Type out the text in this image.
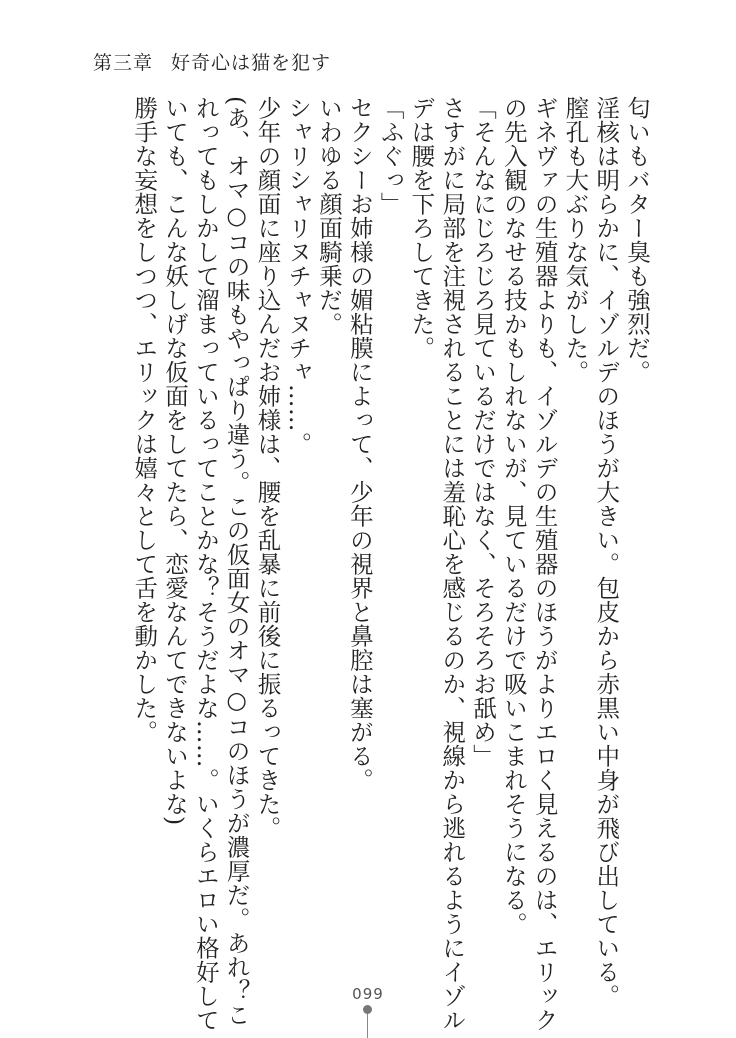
第三章 好奇心は猫を犯す
匂いもバター臭も強烈だ。
淫核は明らかに、イゾルデのほうが大きい。包皮から赤黒い中身が飛び出している。
膣孔も大ぶりな気がした。
ギネヴァの生殖器よりも、イゾルデの生殖器のほうがよりエロく見えるのは、エリック
の先入観のなせる技かもしれないが、見ているだけで吸いこまれそうになる。
「そんなにじろじろ見ているだけではなく、そろそろお舐め」
さすがに局部を注視されることには羞恥心を感じるのか、視線から逃れるようにイゾル
デは腰を下ろしてきた。
「ふぐっ」
セクシーお姉様の媚粘膜によって、少年の視界と鼻腔は塞がる。
いわゆる顔面騎乗だ。
シャリシャリヌチャヌチャ……。
少年の顔面に座り込んだお姉様は、腰を乱暴に前後に振るってきた。
(あ、オマ○コの味もやっぱり違う。この仮面女のオマ○コのほうが濃厚だ。あれ？こ
れってもしかして溜まっているってことかな？そうだよな……。いくらエロい格好して
いても、こんな妖しげな仮面をしてたら、恋愛なんてできないよな)
勝手な妄想をしつつ、エリックは嬉々として舌を動かした。
099
